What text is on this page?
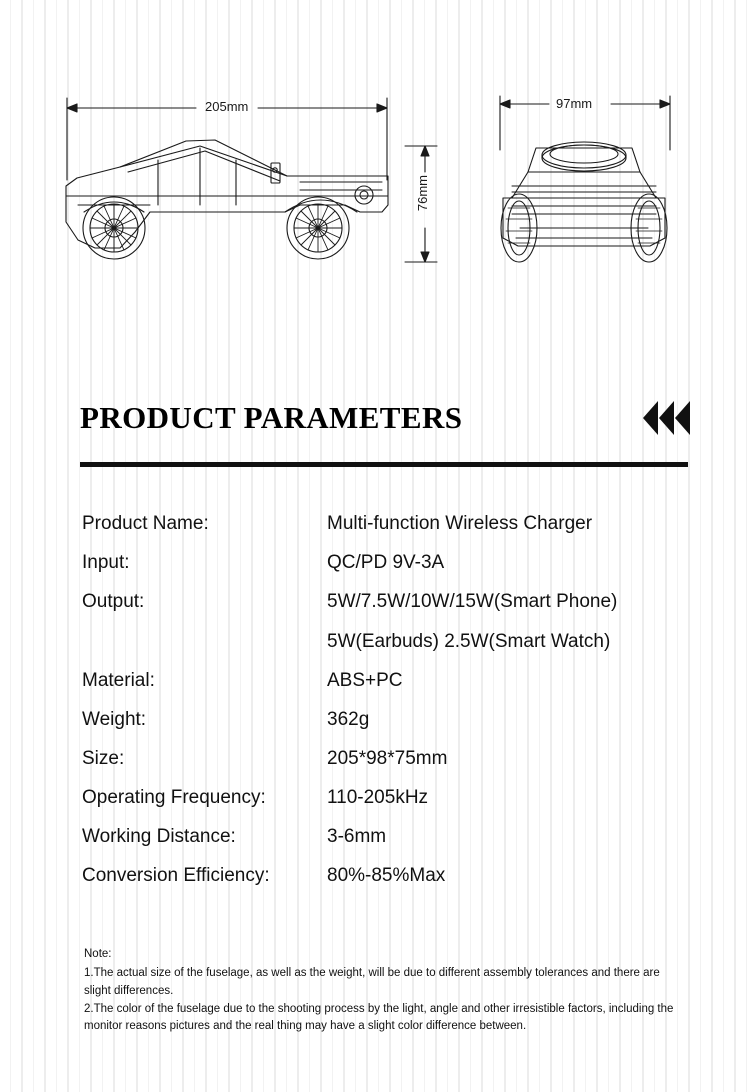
205mm	97mm
76mm
PRODUCT PARAMETERS
Product Name:	Multi-function Wireless Charger
Input:	QC/PD 9V-3A
Output:	5W/7.5W/10W/15W(Smart Phone)
5W(Earbuds) 2.5W(Smart Watch)
Material:	ABS+PC
Weight:	362g
Size:	205*98*75mm
Operating Frequency:	110-205kHz
Working Distance:	3-6mm
Conversion Efficiency:	80%-85%Max

Note:

1.The actual size of the fuselage, as well as the weight, will be due to different assembly tolerances and there are slight differences.

2.The color of the fuselage due to the shooting process by the light, angle and other irresistible factors, including the monitor reasons pictures and the real thing may have a slight color difference between.
